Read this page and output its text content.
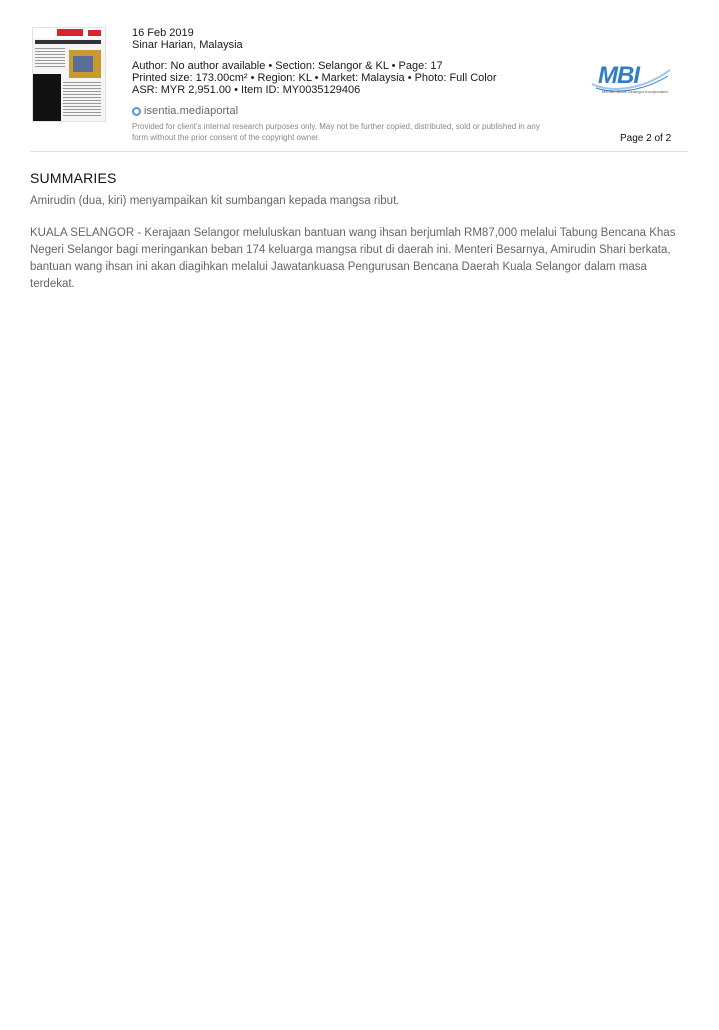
16 Feb 2019
Sinar Harian, Malaysia
Author: No author available • Section: Selangor & KL • Page: 17
Printed size: 173.00cm² • Region: KL • Market: Malaysia • Photo: Full Color
ASR: MYR 2,951.00 • Item ID: MY0035129406
isentia.mediaportal
Provided for client's internal research purposes only. May not be further copied, distributed, sold or published in any form without the prior consent of the copyright owner.
MBI
Menteri Besar Selangor Incorporated
Page 2 of 2
SUMMARIES
Amirudin (dua, kiri) menyampaikan kit sumbangan kepada mangsa ribut.
KUALA SELANGOR - Kerajaan Selangor meluluskan bantuan wang ihsan berjumlah RM87,000 melalui Tabung Bencana Khas Negeri Selangor bagi meringankan beban 174 keluarga mangsa ribut di daerah ini. Menteri Besarnya, Amirudin Shari berkata, bantuan wang ihsan ini akan diagihkan melalui Jawatankuasa Pengurusan Bencana Daerah Kuala Selangor dalam masa terdekat.
